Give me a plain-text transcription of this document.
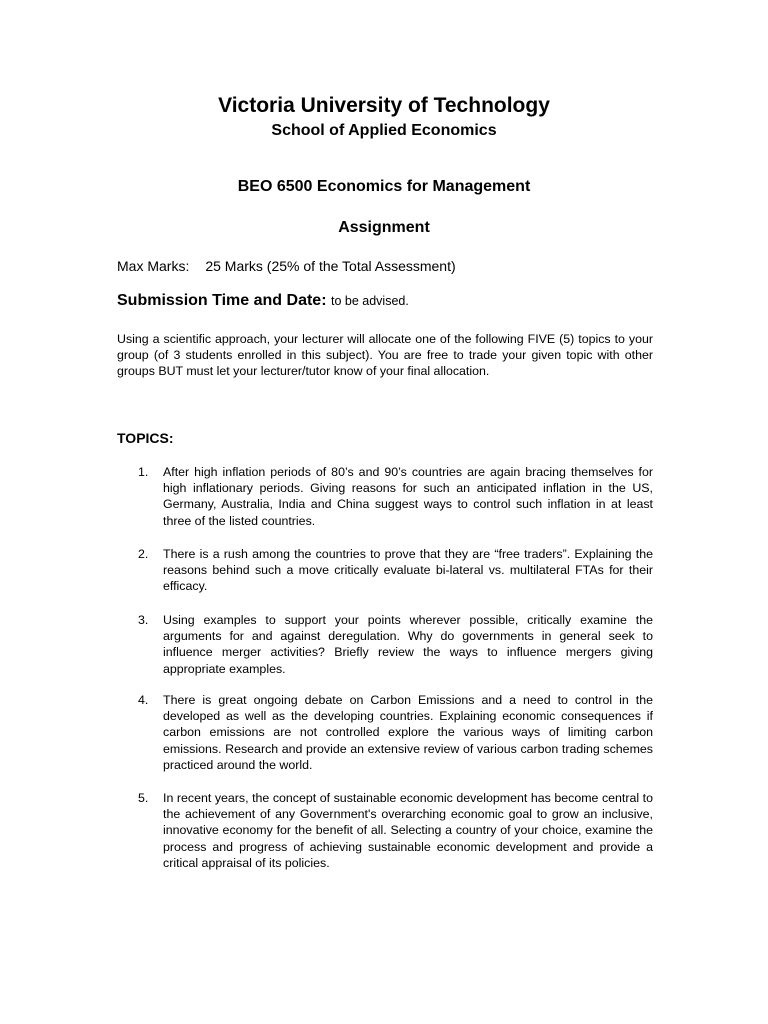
Victoria University of Technology
School of Applied Economics
BEO 6500 Economics for Management
Assignment

Max Marks: 25 Marks (25% of the Total Assessment)

Submission Time and Date: to be advised.

Using a scientific approach, your lecturer will allocate one of the following FIVE (5) topics to your group (of 3 students enrolled in this subject). You are free to trade your given topic with other groups BUT must let your lecturer/tutor know of your final allocation.

TOPICS:
1.	After high inflation periods of 80’s and 90’s countries are again bracing themselves for high inflationary periods. Giving reasons for such an anticipated inflation in the US, Germany, Australia, India and China suggest ways to control such inflation in at least three of the listed countries.
2.	There is a rush among the countries to prove that they are “free traders”. Explaining the reasons behind such a move critically evaluate bi-lateral vs. multilateral FTAs for their efficacy.
3.	Using examples to support your points wherever possible, critically examine the arguments for and against deregulation. Why do governments in general seek to influence merger activities? Briefly review the ways to influence mergers giving appropriate examples.
4.	There is great ongoing debate on Carbon Emissions and a need to control in the developed as well as the developing countries. Explaining economic consequences if carbon emissions are not controlled explore the various ways of limiting carbon emissions. Research and provide an extensive review of various carbon trading schemes practiced around the world.
5.	In recent years, the concept of sustainable economic development has become central to the achievement of any Government's overarching economic goal to grow an inclusive, innovative economy for the benefit of all. Selecting a country of your choice, examine the process and progress of achieving sustainable economic development and provide a critical appraisal of its policies.
